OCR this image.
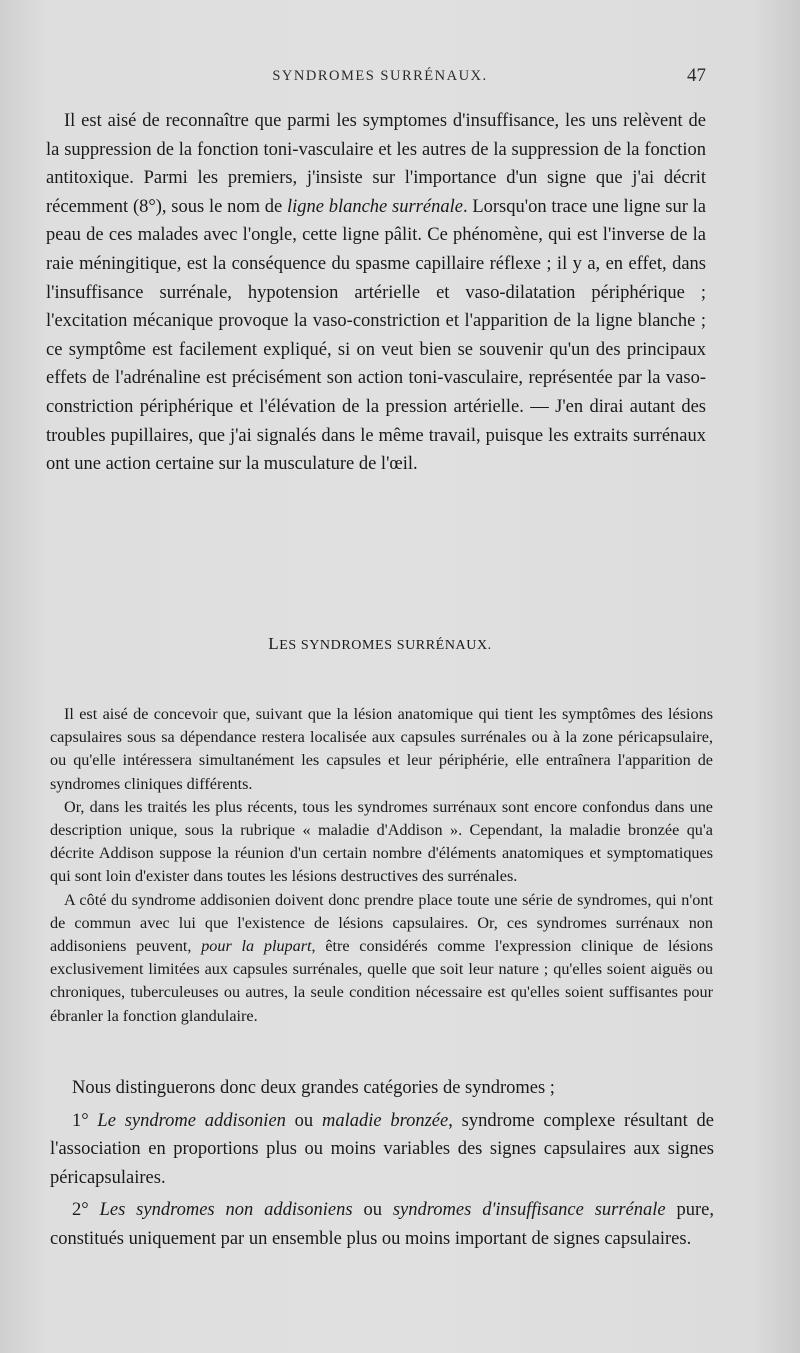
SYNDROMES SURRÉNAUX.	47

Il est aisé de reconnaître que parmi les symptomes d'insuffisance, les uns relèvent de la suppression de la fonction toni-vasculaire et les autres de la suppression de la fonction antitoxique. Parmi les premiers, j'insiste sur l'importance d'un signe que j'ai décrit récemment (8°), sous le nom de ligne blanche surrénale. Lorsqu'on trace une ligne sur la peau de ces malades avec l'ongle, cette ligne pâlit. Ce phénomène, qui est l'inverse de la raie méningitique, est la conséquence du spasme capillaire réflexe ; il y a, en effet, dans l'insuffisance surrénale, hypotension artérielle et vaso-dilatation périphérique ; l'excitation mécanique provoque la vaso-constriction et l'apparition de la ligne blanche ; ce symptôme est facilement expliqué, si on veut bien se souvenir qu'un des principaux effets de l'adrénaline est précisément son action toni-vasculaire, représentée par la vaso-constriction périphérique et l'élévation de la pression artérielle. — J'en dirai autant des troubles pupillaires, que j'ai signalés dans le même travail, puisque les extraits surrénaux ont une action certaine sur la musculature de l'œil.

LES SYNDROMES SURRÉNAUX.

Il est aisé de concevoir que, suivant que la lésion anatomique qui tient les symptômes des lésions capsulaires sous sa dépendance restera localisée aux capsules surrénales ou à la zone péricapsulaire, ou qu'elle intéressera simultanément les capsules et leur périphérie, elle entraînera l'apparition de syndromes cliniques différents.

Or, dans les traités les plus récents, tous les syndromes surrénaux sont encore confondus dans une description unique, sous la rubrique « maladie d'Addison ». Cependant, la maladie bronzée qu'a décrite Addison suppose la réunion d'un certain nombre d'éléments anatomiques et symptomatiques qui sont loin d'exister dans toutes les lésions destructives des surrénales.

A côté du syndrome addisonien doivent donc prendre place toute une série de syndromes, qui n'ont de commun avec lui que l'existence de lésions capsulaires. Or, ces syndromes surrénaux non addisoniens peuvent, pour la plupart, être considérés comme l'expression clinique de lésions exclusivement limitées aux capsules surrénales, quelle que soit leur nature ; qu'elles soient aiguës ou chroniques, tuberculeuses ou autres, la seule condition nécessaire est qu'elles soient suffisantes pour ébranler la fonction glandulaire.

Nous distinguerons donc deux grandes catégories de syndromes ;

1° Le syndrome addisonien ou maladie bronzée, syndrome complexe résultant de l'association en proportions plus ou moins variables des signes capsulaires aux signes péricapsulaires.

2° Les syndromes non addisoniens ou syndromes d'insuffisance surrénale pure, constitués uniquement par un ensemble plus ou moins important de signes capsulaires.
